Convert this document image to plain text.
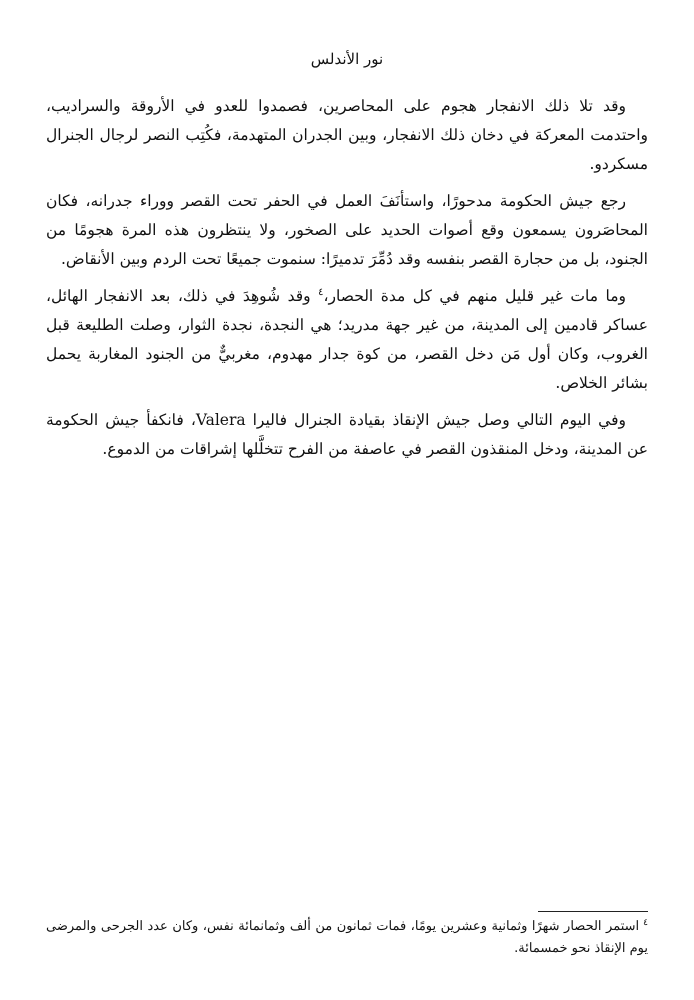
نور الأندلس

وقد تلا ذلك الانفجار هجوم على المحاصرين، فصمدوا للعدو في الأروقة والسراديب، واحتدمت المعركة في دخان ذلك الانفجار، وبين الجدران المتهدمة، فكُتِب النصر لرجال الجنرال مسكردو.

رجع جيش الحكومة مدحورًا، واستأنَفَ العمل في الحفر تحت القصر ووراء جدرانه، فكان المحاصَرون يسمعون وقع أصوات الحديد على الصخور، ولا ينتظرون هذه المرة هجومًا من الجنود، بل من حجارة القصر بنفسه وقد دُمِّرَ تدميرًا: سنموت جميعًا تحت الردم وبين الأنقاض.

وما مات غير قليل منهم في كل مدة الحصار،$^٤$ وقد شُوهِدَ في ذلك، بعد الانفجار الهائل، عساكر قادمين إلى المدينة، من غير جهة مدريد؛ هي النجدة، نجدة الثوار، وصلت الطليعة قبل الغروب، وكان أول مَن دخل القصر، من كوة جدار مهدوم، مغربيٌّ من الجنود المغاربة يحمل بشائر الخلاص.

وفي اليوم التالي وصل جيش الإنقاذ بقيادة الجنرال فاليرا Valera، فانكفأ جيش الحكومة عن المدينة، ودخل المنقذون القصر في عاصفة من الفرح تتخلَّلها إشراقات من الدموع.

$^٤$استمر الحصار شهرًا وثمانية وعشرين يومًا، فمات ثمانون من ألف وثمانمائة نفس، وكان عدد الجرحى والمرضى يوم الإنقاذ نحو خمسمائة.
